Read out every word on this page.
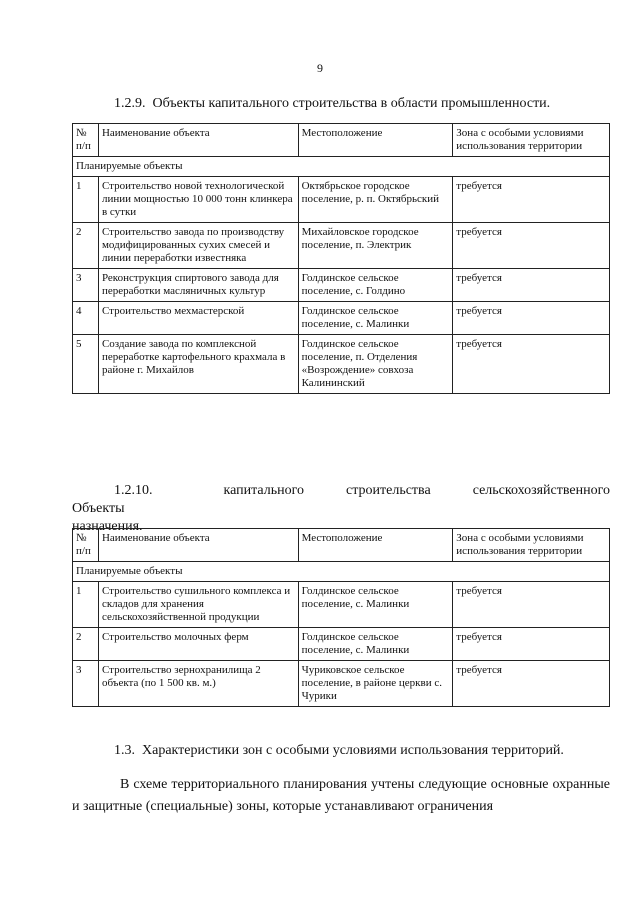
9
1.2.9.  Объекты капитального строительства в области промышленности.
№ п/п	Наименование объекта	Местоположение	Зона с особыми условиями использования территории
Планируемые объекты			
1	Строительство новой технологической линии мощностью 10 000 тонн клинкера в сутки	Октябрьское городское поселение, р. п. Октябрьский	требуется
2	Строительство завода по производству модифицированных сухих смесей и линии переработки известняка	Михайловское городское поселение, п. Электрик	требуется
3	Реконструкция спиртового завода для переработки масляничных культур	Голдинское сельское поселение, с. Голдино	требуется
4	Строительство мехмастерской	Голдинское сельское поселение, с. Малинки	требуется
5	Создание завода по комплексной переработке картофельного крахмала в районе г. Михайлов	Голдинское сельское поселение, п. Отделения «Возрождение» совхоза Калининский	требуется
1.2.10. Объекты
капитального	строительства	сельскохозяйственного
назначения.
№ п/п	Наименование объекта	Местоположение	Зона с особыми условиями использования территории
Планируемые объекты			
1	Строительство сушильного комплекса и складов для хранения сельскохозяйственной продукции	Голдинское сельское поселение, с. Малинки	требуется
2	Строительство молочных ферм	Голдинское сельское поселение, с. Малинки	требуется
3	Строительство зернохранилища 2 объекта (по 1 500 кв. м.)	Чуриковское сельское поселение, в районе церкви с. Чурики	требуется
1.3.  Характеристики зон с особыми условиями использования территорий.
В схеме территориального планирования учтены следующие основные охранные и защитные (специальные) зоны, которые устанавливают ограничения
